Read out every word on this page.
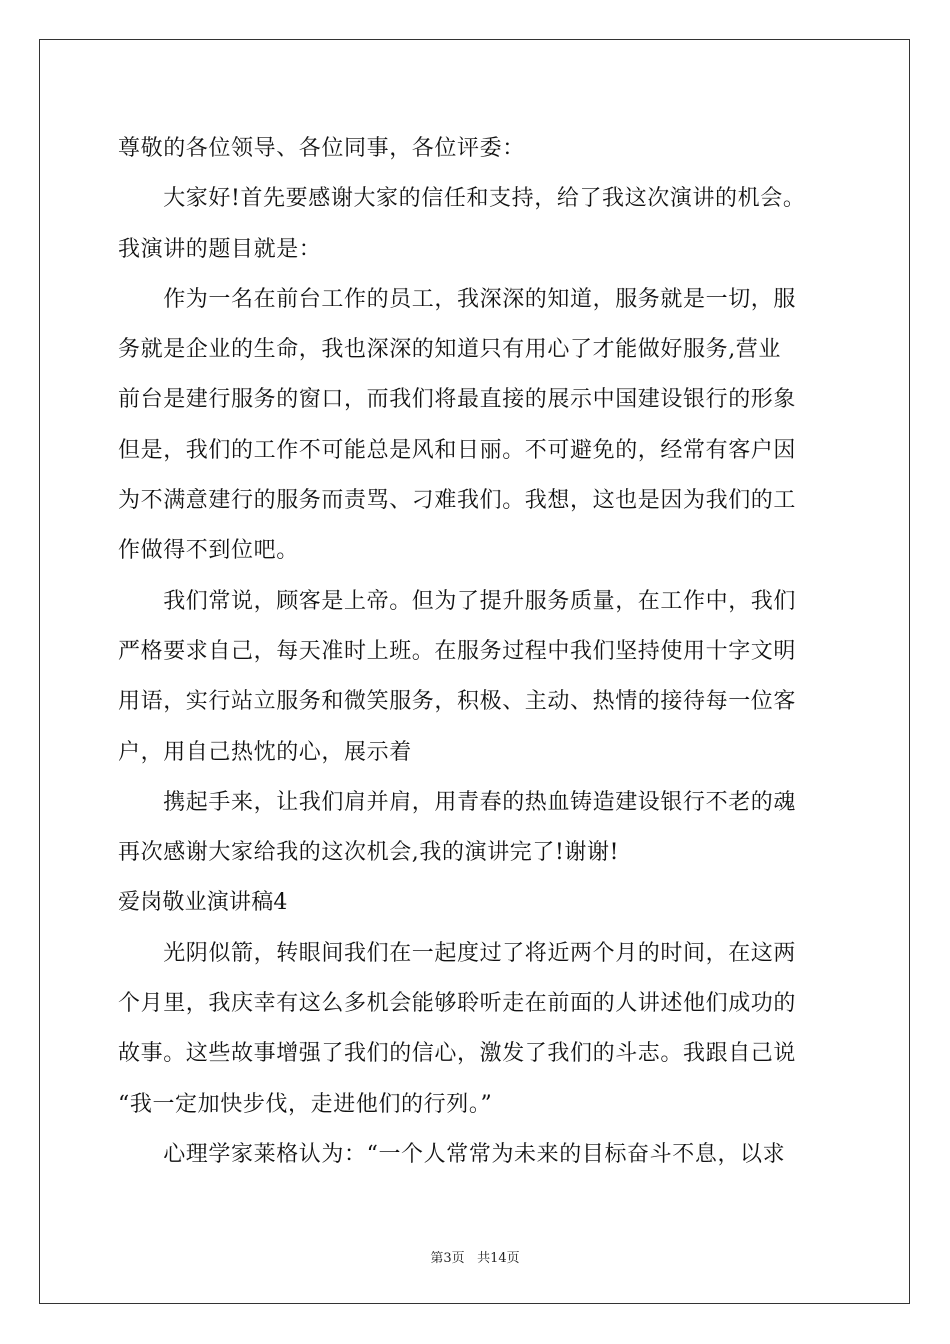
尊敬的各位领导、各位同事，各位评委：
　　大家好!首先要感谢大家的信任和支持，给了我这次演讲的机会。
我演讲的题目就是：
　　作为一名在前台工作的员工，我深深的知道，服务就是一切，服
务就是企业的生命，我也深深的知道只有用心了才能做好服务,营业
前台是建行服务的窗口，而我们将最直接的展示中国建设银行的形象
但是，我们的工作不可能总是风和日丽。不可避免的，经常有客户因
为不满意建行的服务而责骂、刁难我们。我想，这也是因为我们的工
作做得不到位吧。
　　我们常说，顾客是上帝。但为了提升服务质量，在工作中，我们
严格要求自己，每天准时上班。在服务过程中我们坚持使用十字文明
用语，实行站立服务和微笑服务，积极、主动、热情的接待每一位客
户，用自己热忱的心，展示着
　　携起手来，让我们肩并肩，用青春的热血铸造建设银行不老的魂
再次感谢大家给我的这次机会,我的演讲完了!谢谢!
爱岗敬业演讲稿4
　　光阴似箭，转眼间我们在一起度过了将近两个月的时间，在这两
个月里，我庆幸有这么多机会能够聆听走在前面的人讲述他们成功的
故事。这些故事增强了我们的信心，激发了我们的斗志。我跟自己说
“我一定加快步伐，走进他们的行列。”
　　心理学家莱格认为：“一个人常常为未来的目标奋斗不息，以求
第3页 共14页
